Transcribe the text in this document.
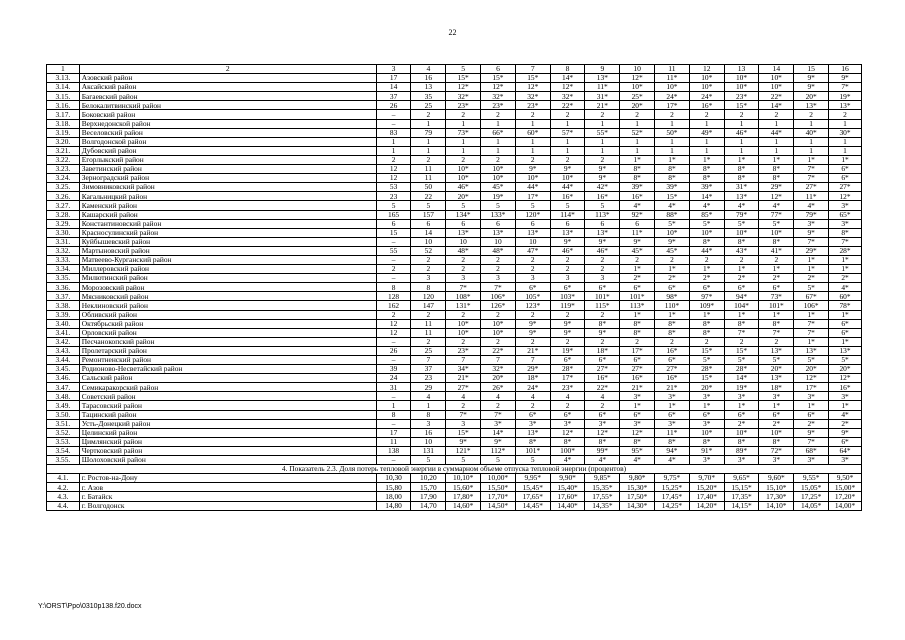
22
1	2	3	4	5	6	7	8	9	10	11	12	13	14	15	16
3.13.	Азовский район	17	16	15*	15*	15*	14*	13*	12*	11*	10*	10*	10*	9*	9*
3.14.	Аксайский район	14	13	12*	12*	12*	12*	11*	10*	10*	10*	10*	10*	9*	7*
3.15.	Багаевский район	37	35	32*	32*	32*	32*	31*	25*	24*	24*	23*	22*	20*	19*
3.16.	Белокалитвинский район	26	25	23*	23*	23*	22*	21*	20*	17*	16*	15*	14*	13*	13*
3.17.	Боковский район	–	2	2	2	2	2	2	2	2	2	2	2	2	2
3.18.	Верхнедонской район	–	1	1	1	1	1	1	1	1	1	1	1	1	1
3.19.	Веселовский район	83	79	73*	66*	60*	57*	55*	52*	50*	49*	46*	44*	40*	30*
3.20.	Волгодонской район	1	1	1	1	1	1	1	1	1	1	1	1	1	1
3.21.	Дубовский район	1	1	1	1	1	1	1	1	1	1	1	1	1	1
3.22.	Егорлыкский район	2	2	2	2	2	2	2	1*	1*	1*	1*	1*	1*	1*
3.23.	Заветинский район	12	11	10*	10*	9*	9*	9*	8*	8*	8*	8*	8*	7*	6*
3.24.	Зерноградский район	12	11	10*	10*	10*	10*	9*	8*	8*	8*	8*	8*	7*	6*
3.25.	Зимовниковский район	53	50	46*	45*	44*	44*	42*	39*	39*	39*	31*	29*	27*	27*
3.26.	Кагальницкий район	23	22	20*	19*	17*	16*	16*	16*	15*	14*	13*	12*	11*	12*
3.27.	Каменский район	5	5	5	5	5	5	5	4*	4*	4*	4*	4*	4*	3*
3.28.	Кашарский район	165	157	134*	133*	120*	114*	113*	92*	88*	85*	79*	77*	79*	65*
3.29.	Константиновский район	6	6	6	6	6	6	6	6	5*	5*	5*	5*	3*	3*
3.30.	Красносулинский район	15	14	13*	13*	13*	13*	13*	11*	10*	10*	10*	10*	9*	8*
3.31.	Куйбышевский район	–	10	10	10	10	9*	9*	9*	9*	8*	8*	8*	7*	7*
3.32.	Мартыновский район	55	52	48*	48*	47*	46*	46*	45*	45*	44*	43*	41*	29*	28*
3.33.	Матвеево-Курганский район	–	2	2	2	2	2	2	2	2	2	2	2	1*	1*
3.34.	Миллеровский район	2	2	2	2	2	2	2	1*	1*	1*	1*	1*	1*	1*
3.35.	Милютинский район	–	3	3	3	3	3	3	2*	2*	2*	2*	2*	2*	2*
3.36.	Морозовский район	8	8	7*	7*	6*	6*	6*	6*	6*	6*	6*	6*	5*	4*
3.37.	Мясниковский район	128	120	108*	106*	105*	103*	101*	101*	98*	97*	94*	73*	67*	60*
3.38.	Неклиновский район	162	147	131*	126*	123*	119*	115*	113*	110*	109*	104*	101*	106*	78*
3.39.	Обливский район	2	2	2	2	2	2	2	1*	1*	1*	1*	1*	1*	1*
3.40.	Октябрьский район	12	11	10*	10*	9*	9*	8*	8*	8*	8*	8*	8*	7*	6*
3.41.	Орловский район	12	11	10*	10*	9*	9*	9*	8*	8*	8*	7*	7*	7*	6*
3.42.	Песчанокопский район	–	2	2	2	2	2	2	2	2	2	2	2	1*	1*
3.43.	Пролетарский район	26	25	23*	22*	21*	19*	18*	17*	16*	15*	15*	13*	13*	13*
3.44.	Ремонтненский район	–	7	7	7	7	6*	6*	6*	6*	5*	5*	5*	5*	5*
3.45.	Родионово-Несветайский район	39	37	34*	32*	29*	28*	27*	27*	27*	28*	28*	20*	20*	20*
3.46.	Сальский район	24	23	21*	20*	18*	17*	16*	16*	16*	15*	14*	13*	12*	12*
3.47.	Семикаракорский район	31	29	27*	26*	24*	23*	22*	21*	21*	20*	19*	18*	17*	16*
3.48.	Советский район	–	4	4	4	4	4	4	3*	3*	3*	3*	3*	3*	3*
3.49.	Тарасовский район	1	1	2	2	2	2	2	1*	1*	1*	1*	1*	1*	1*
3.50.	Тацинский район	8	8	7*	7*	6*	6*	6*	6*	6*	6*	6*	6*	6*	4*
3.51.	Усть-Донецкий район	–	3	3	3*	3*	3*	3*	3*	3*	3*	2*	2*	2*	2*
3.52.	Целинский район	17	16	15*	14*	13*	12*	12*	12*	11*	10*	10*	10*	9*	9*
3.53.	Цимлянский район	11	10	9*	9*	8*	8*	8*	8*	8*	8*	8*	8*	7*	6*
3.54.	Чертковский район	138	131	121*	112*	101*	100*	99*	95*	94*	91*	89*	72*	68*	64*
3.55.	Шолоховский район	–	5	5	5	5	4*	4*	4*	4*	3*	3*	3*	3*	3*
4. Показатель 2.3. Доля потерь тепловой энергии в суммарном объеме отпуска тепловой энергии (процентов)															
4.1.	г. Ростов-на-Дону	10,30	10,20	10,10*	10,00*	9,95*	9,90*	9,85*	9,80*	9,75*	9,70*	9,65*	9,60*	9,55*	9,50*
4.2.	г. Азов	15,80	15,70	15,60*	15,50*	15,45*	15,40*	15,35*	15,30*	15,25*	15,20*	15,15*	15,10*	15,05*	15,00*
4.3.	г. Батайск	18,00	17,90	17,80*	17,70*	17,65*	17,60*	17,55*	17,50*	17,45*	17,40*	17,35*	17,30*	17,25*	17,20*
4.4.	г. Волгодонск	14,80	14,70	14,60*	14,50*	14,45*	14,40*	14,35*	14,30*	14,25*	14,20*	14,15*	14,10*	14,05*	14,00*
Y:\ORST\Ppo\0310p138.f20.docx
